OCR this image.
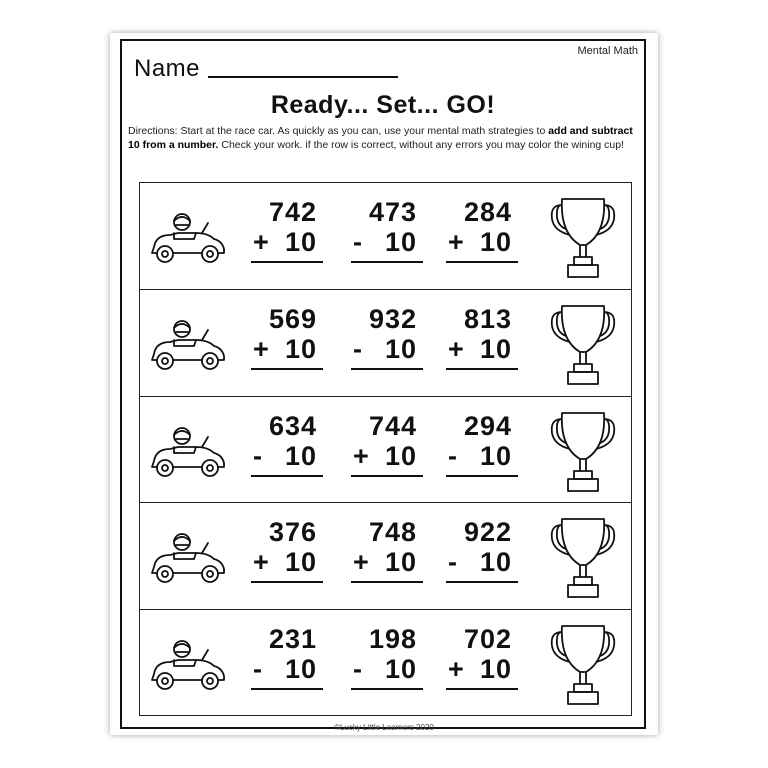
Mental Math
Name
Ready... Set... GO!
Directions: Start at the race car. As quickly as you can, use your mental math strategies to add and subtract 10 from a number. Check your work. if the row is correct, without any errors you may color the wining cup!
742
+ 10
473
- 10
284
+ 10
569
+ 10
932
- 10
813
+ 10
634
- 10
744
+ 10
294
- 10
376
+ 10
748
+ 10
922
- 10
231
- 10
198
- 10
702
+ 10
©Lucky Little Learners 2020
